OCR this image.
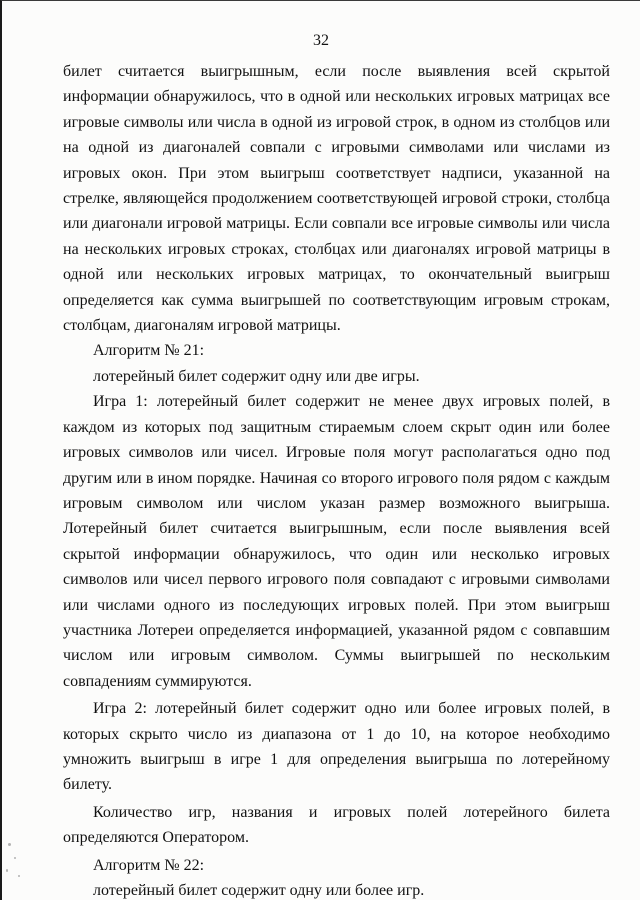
32

билет считается выигрышным, если после выявления всей скрытой информации обнаружилось, что в одной или нескольких игровых матрицах все игровые символы или числа в одной из игровой строк, в одном из столбцов или на одной из диагоналей совпали с игровыми символами или числами из игровых окон. При этом выигрыш соответствует надписи, указанной на стрелке, являющейся продолжением соответствующей игровой строки, столбца или диагонали игровой матрицы. Если совпали все игровые символы или числа на нескольких игровых строках, столбцах или диагоналях игровой матрицы в одной или нескольких игровых матрицах, то окончательный выигрыш определяется как сумма выигрышей по соответствующим игровым строкам, столбцам, диагоналям игровой матрицы.

Алгоритм № 21:

лотерейный билет содержит одну или две игры.

Игра 1: лотерейный билет содержит не менее двух игровых полей, в каждом из которых под защитным стираемым слоем скрыт один или более игровых символов или чисел. Игровые поля могут располагаться одно под другим или в ином порядке. Начиная со второго игрового поля рядом с каждым игровым символом или числом указан размер возможного выигрыша. Лотерейный билет считается выигрышным, если после выявления всей скрытой информации обнаружилось, что один или несколько игровых символов или чисел первого игрового поля совпадают с игровыми символами или числами одного из последующих игровых полей. При этом выигрыш участника Лотереи определяется информацией, указанной рядом с совпавшим числом или игровым символом. Суммы выигрышей по нескольким совпадениям суммируются.

Игра 2: лотерейный билет содержит одно или более игровых полей, в которых скрыто число из диапазона от 1 до 10, на которое необходимо умножить выигрыш в игре 1 для определения выигрыша по лотерейному билету.

Количество игр, названия и игровых полей лотерейного билета определяются Оператором.

Алгоритм № 22:

лотерейный билет содержит одну или более игр.
